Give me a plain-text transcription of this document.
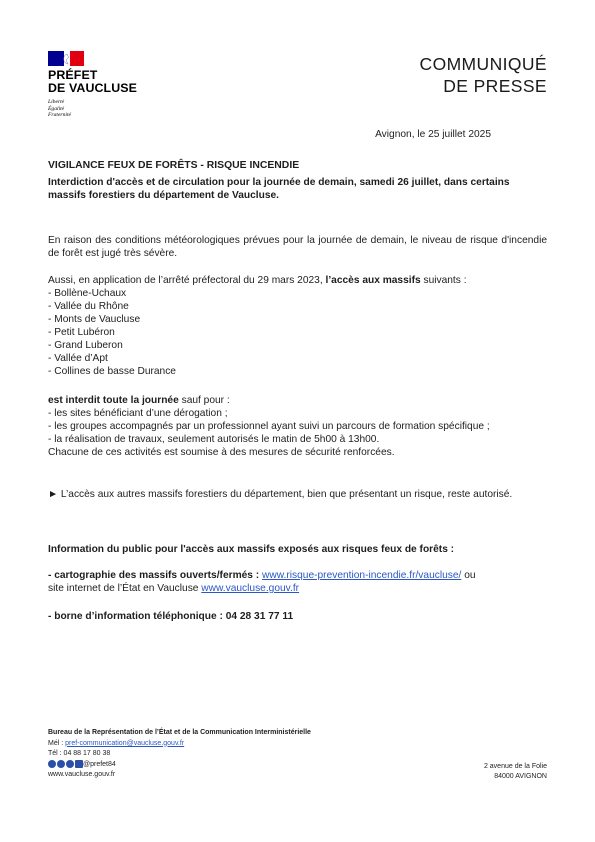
PRÉFET
DE VAUCLUSE
Liberté
Égalité
Fraternité
COMMUNIQUÉ
DE PRESSE
Avignon, le 25 juillet 2025
VIGILANCE FEUX DE FORÊTS - RISQUE INCENDIE
Interdiction d'accès et de circulation pour la journée de demain, samedi 26 juillet, dans certains massifs forestiers du département de Vaucluse.
En raison des conditions météorologiques prévues pour la journée de demain, le niveau de risque d'incendie de forêt est jugé très sévère.
Aussi, en application de l’arrêté préfectoral du 29 mars 2023, l’accès aux massifs suivants :
- Bollène-Uchaux
- Vallée du Rhône
- Monts de Vaucluse
- Petit Lubéron
- Grand Luberon
- Vallée d’Apt
- Collines de basse Durance
est interdit toute la journée sauf pour :
- les sites bénéficiant d’une dérogation ;
- les groupes accompagnés par un professionnel ayant suivi un parcours de formation spécifique ;
- la réalisation de travaux, seulement autorisés le matin de 5h00 à 13h00.
Chacune de ces activités est soumise à des mesures de sécurité renforcées.
► L’accès aux autres massifs forestiers du département, bien que présentant un risque, reste autorisé.
Information du public pour l'accès aux massifs exposés aux risques feux de forêts :
- cartographie des massifs ouverts/fermés : www.risque-prevention-incendie.fr/vaucluse/ ou
site internet de l’État en Vaucluse www.vaucluse.gouv.fr
- borne d’information téléphonique : 04 28 31 77 11
Bureau de la Représentation de l’État et de la Communication Interministérielle
Mél : pref-communication@vaucluse.gouv.fr
Tél : 04 88 17 80 38
@prefet84
www.vaucluse.gouv.fr
2 avenue de la Folie
84000 AVIGNON
